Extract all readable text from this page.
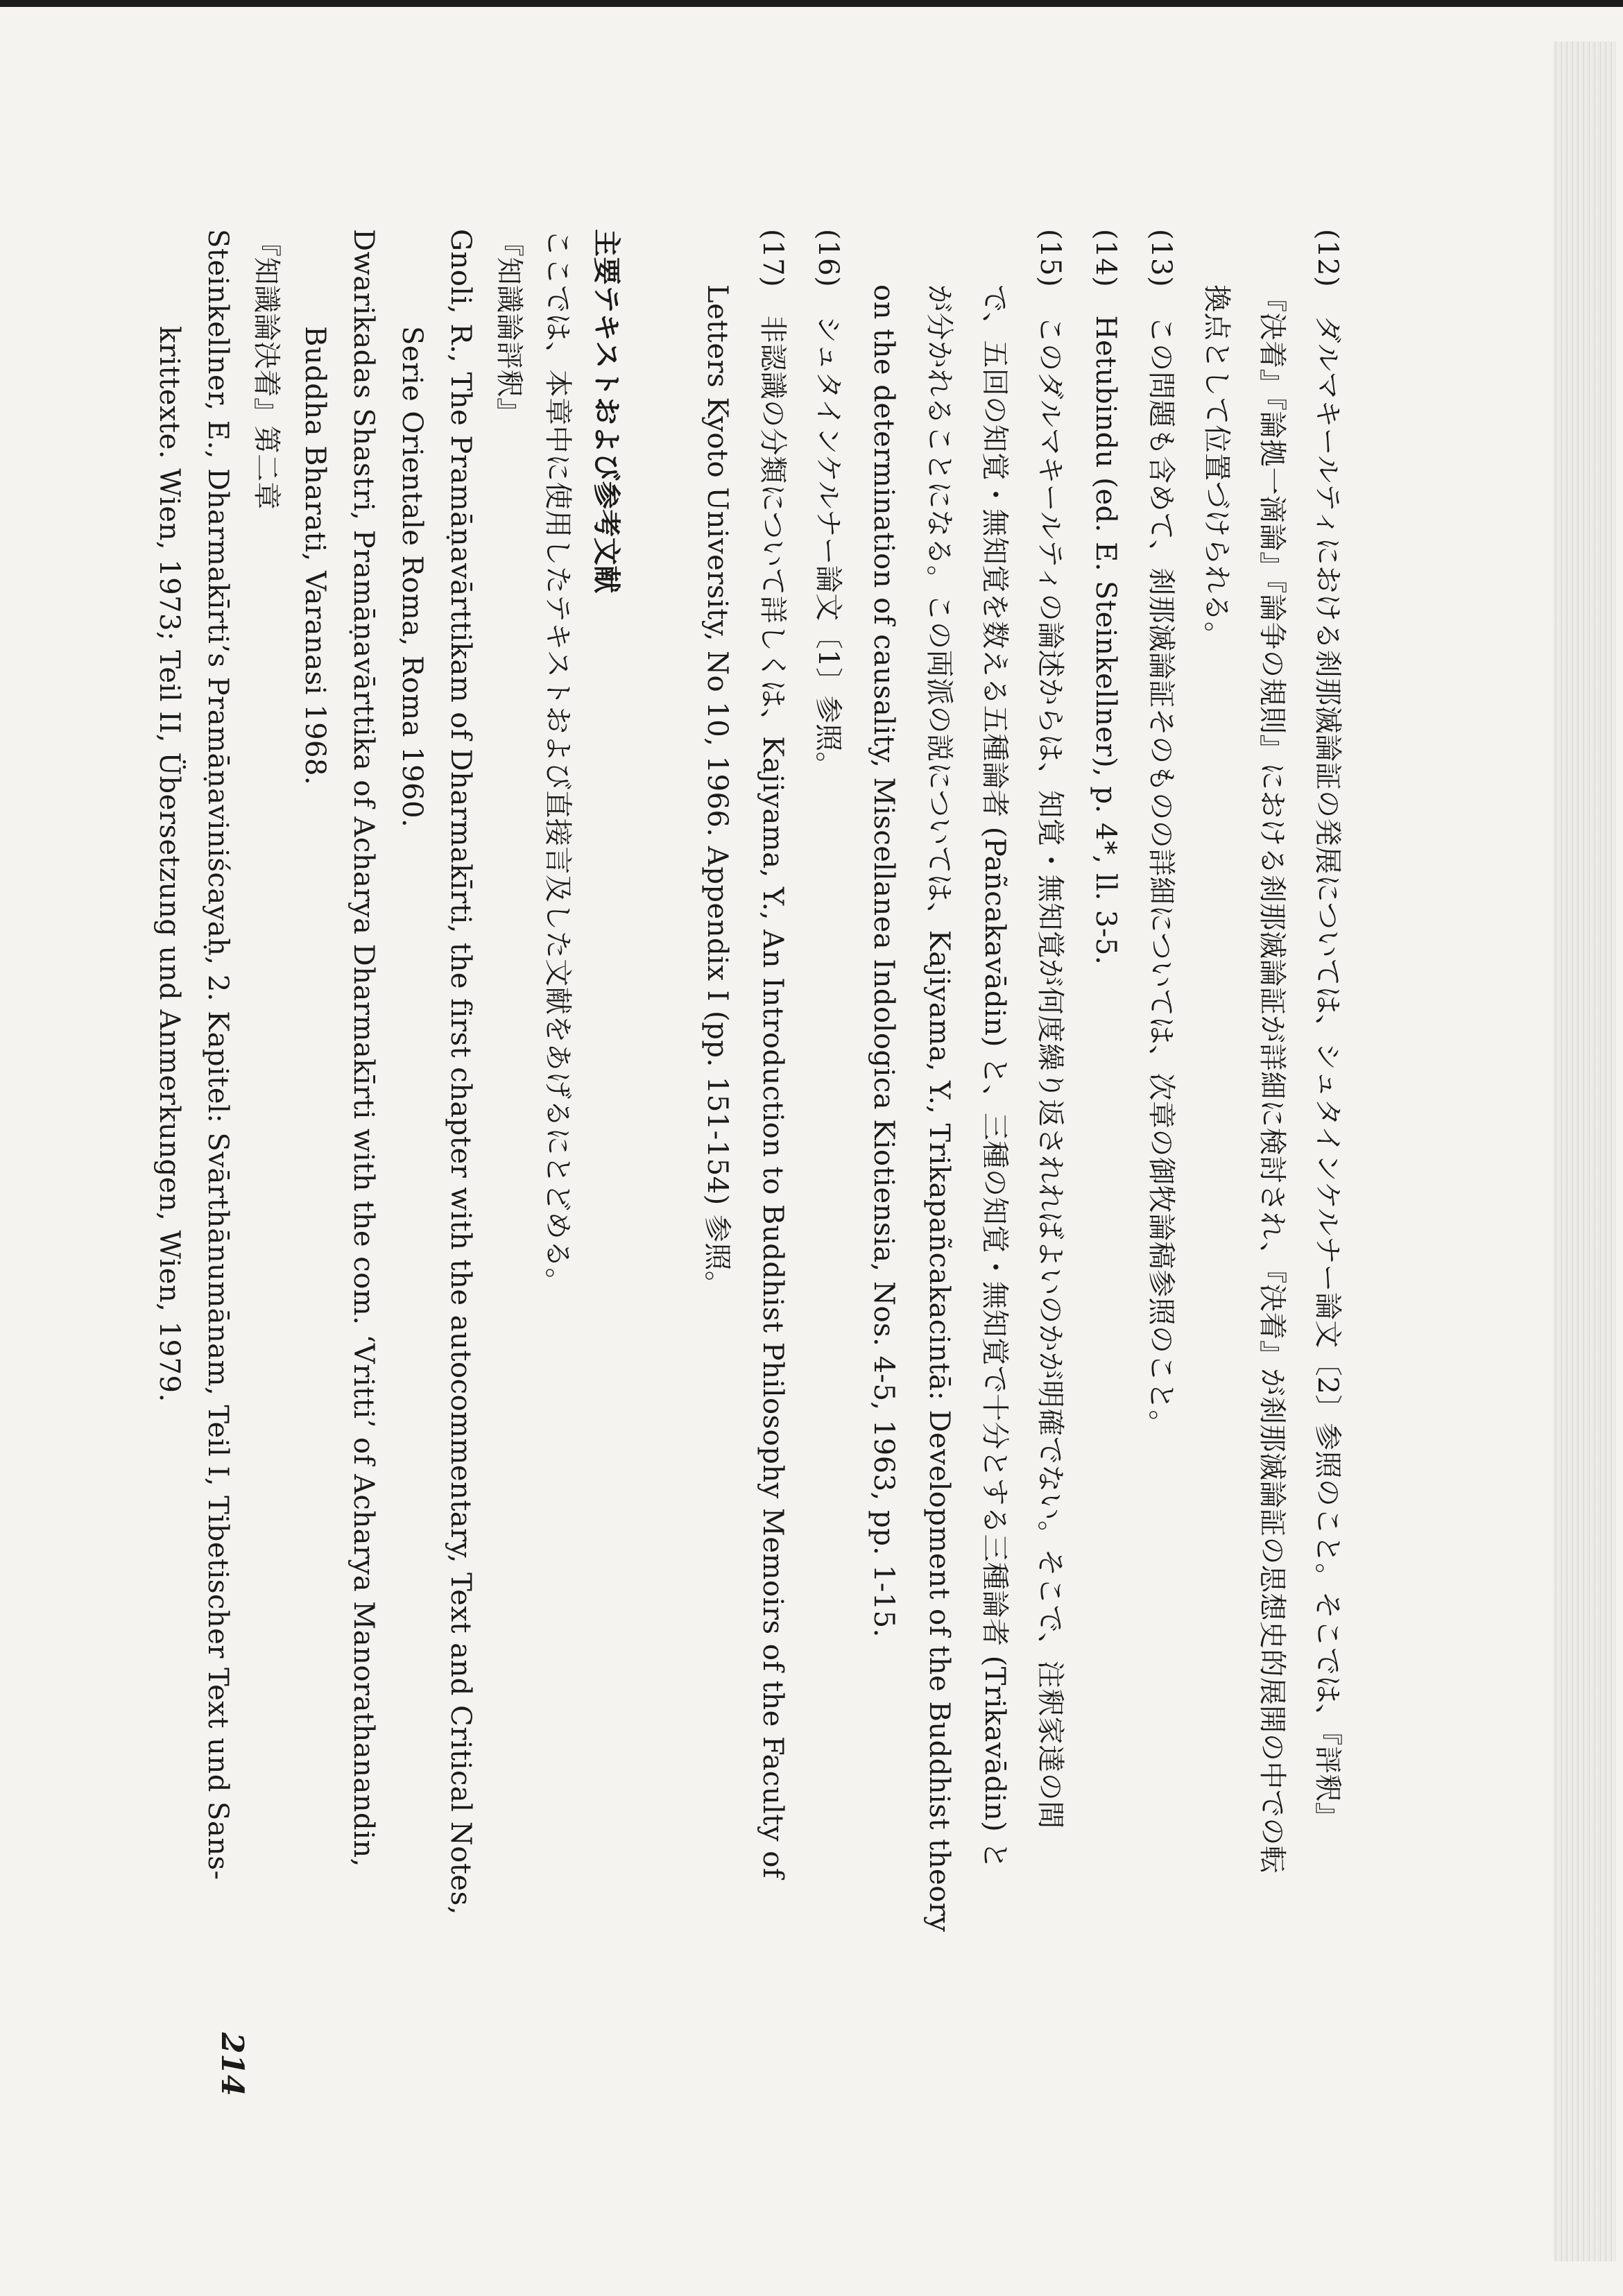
214
(12)　ダルマキールティにおける刹那滅論証の発展については、シュタインケルナー論文〔2〕参照のこと。そこでは、『評釈』
『決着』『論拠一滴論』『論争の規則』における刹那滅論証が詳細に検討され、『決着』が刹那滅論証の思想史的展開の中での転
換点として位置づけられる。
(13)　この問題も含めて、刹那滅論証そのものの詳細については、次章の御牧論稿参照のこと。
(14)　Hetubindu (ed. E. Steinkellner), p. 4*, ll. 3-5.
(15)　このダルマキールティの論述からは、知覚・無知覚が何度繰り返されればよいのかが明確でない。そこで、注釈家達の間
で、五回の知覚・無知覚を数える五種論者 (Pañcakavādin) と、三種の知覚・無知覚で十分とする三種論者 (Trikavādin) と
が分かれることになる。この両派の説については、Kajiyama, Y., Trikapañcakacintā: Development of the Buddhist theory
on the determination of causality, Miscellanea Indologica Kiotiensia, Nos. 4-5, 1963, pp. 1-15.
(16)　シュタインケルナー論文〔1〕参照。
(17)　非認識の分類について詳しくは、Kajiyama, Y., An Introduction to Buddhist Philosophy Memoirs of the Faculty of
Letters Kyoto University, No 10, 1966. Appendix I (pp. 151-154) 参照。
主要テキストおよび参考文献
ここでは、本章中に使用したテキストおよび直接言及した文献をあげるにとどめる。
『知識論評釈』
Gnoli, R., The Pramāṇavārttikam of Dharmakīrti, the first chapter with the autocommentary, Text and Critical Notes,
Serie Orientale Roma, Roma 1960.
Dwarikadas Shastri, Pramāṇavārttika of Acharya Dharmakīrti with the com. ‘Vritti’ of Acharya Manorathanandin,
Buddha Bharati, Varanasi 1968.
『知識論決着』第二章
Steinkellner, E., Dharmakīrti’s Pramāṇaviniścayaḥ, 2. Kapitel: Svārthānumānam, Teil I, Tibetischer Text und Sans-
krittexte. Wien, 1973; Teil II, Übersetzung und Anmerkungen, Wien, 1979.
